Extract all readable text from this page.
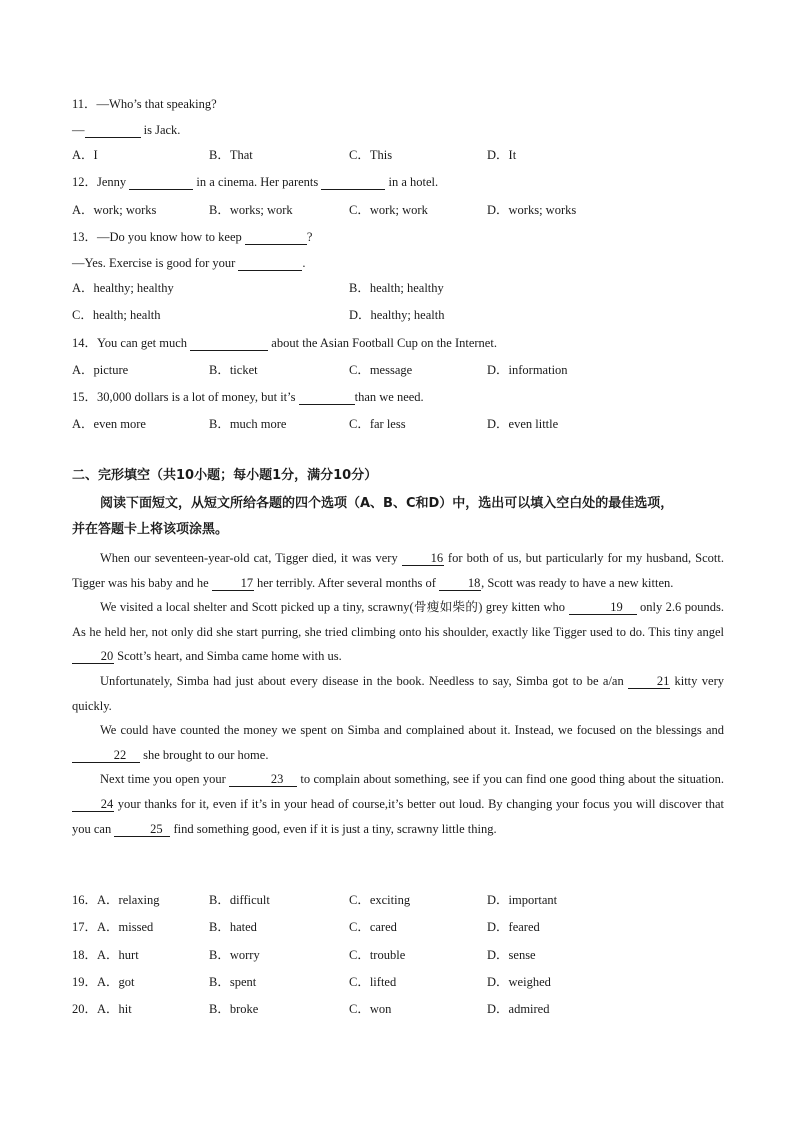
11．—Who’s that speaking?
—	is Jack.
A．I	B．That	C．This	D．It
12．Jenny	in a cinema. Her parents	in a hotel.
A．work; works	B．works; work	C．work; work	D．works; works
13．—Do you know how to keep	?
—Yes. Exercise is good for your	.
A．healthy; healthy	B．health; healthy
C．health; health	D．healthy; health
14．You can get much	about the Asian Football Cup on the Internet.
A．picture	B．ticket	C．message	D．information
15．30,000 dollars is a lot of money, but it’s	than we need.
A．even more	B．much more	C．far less	D．even little
二、完形填空（共10小题；每小题1分，满分10分）
阅读下面短文，从短文所给各题的四个选项（A、B、C和D）中，选出可以填入空白处的最佳选项，
并在答题卡上将该项涂黑。

When our seventeen-year-old cat, Tigger died, it was very 16 for both of us, but particularly for my husband, Scott. Tigger was his baby and he 17 her terribly. After several months of 18, Scott was ready to have a new kitten.

We visited a local shelter and Scott picked up a tiny, scrawny(骨瘦如柴的) grey kitten who	19 only 2.6 pounds. As he held her, not only did she start purring, she tried climbing onto his shoulder, exactly like Tigger used to do. This tiny angel 20 Scott’s heart, and Simba came home with us.

Unfortunately, Simba had just about every disease in the book. Needless to say, Simba got to be a/an 21 kitty very quickly.

We could have counted the money we spent on Simba and complained about it. Instead, we focused on the blessings and 22 she brought to our home.

Next time you open your	23 to complain about something, see if you can find one good thing about the situation. 24 your thanks for it, even if it’s in your head of course,it’s better out loud. By changing your focus you will discover that you can	25 find something good, even if it is just a tiny, scrawny little thing.

16．A．relaxing	B．difficult	C．exciting	D．important
17．A．missed	B．hated	C．cared	D．feared
18．A．hurt	B．worry	C．trouble	D．sense
19．A．got	B．spent	C．lifted	D．weighed
20．A．hit	B．broke	C．won	D．admired
